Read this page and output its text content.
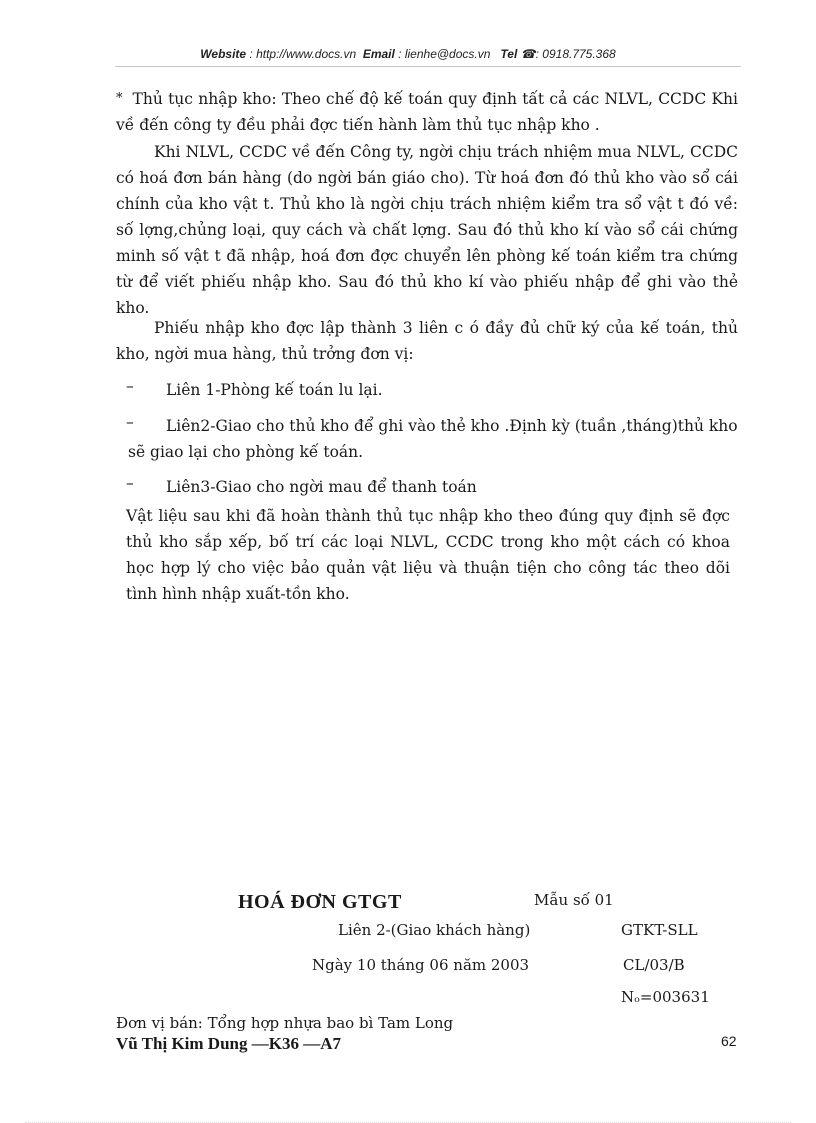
Website : http://www.docs.vn Email : lienhe@docs.vn Tel ☎: 0918.775.368

* Thủ tục nhập kho: Theo chế độ kế toán quy định tất cả các NLVL, CCDC Khi về đến công ty đều phải đợc tiến hành làm thủ tục nhập kho .

Khi NLVL, CCDC về đến Công ty, ngời chịu trách nhiệm mua NLVL, CCDC có hoá đơn bán hàng (do ngời bán giáo cho). Từ hoá đơn đó thủ kho vào sổ cái chính của kho vật t. Thủ kho là ngời chịu trách nhiệm kiểm tra sổ vật t đó về: số lợng,chủng loại, quy cách và chất lợng. Sau đó thủ kho kí vào sổ cái chứng minh số vật t đã nhập, hoá đơn đợc chuyển lên phòng kế toán kiểm tra chứng từ để viết phiếu nhập kho. Sau đó thủ kho kí vào phiếu nhập để ghi vào thẻ kho.

Phiếu nhập kho đợc lập thành 3 liên c ó đầy đủ chữ ký của kế toán, thủ kho, ngời mua hàng, thủ trởng đơn vị:

–	Liên 1-Phòng kế toán lu lại.
–	Liên2-Giao cho thủ kho để ghi vào thẻ kho .Định kỳ (tuần ,tháng)thủ kho
sẽ giao lại cho phòng kế toán.
–	Liên3-Giao cho ngời mau để thanh toán

Vật liệu sau khi đã hoàn thành thủ tục nhập kho theo đúng quy định sẽ đợc thủ kho sắp xếp, bố trí các loại NLVL, CCDC trong kho một cách có khoa học hợp lý cho việc bảo quản vật liệu và thuận tiện cho công tác theo dõi tình hình nhập xuất-tồn kho.

HOÁ ĐƠN GTGT	Mẫu số 01
Liên 2-(Giao khách hàng)	GTKT-SLL
Ngày 10 tháng 06 năm 2003	CL/03/B
Nₒ=003631
Đơn vị bán: Tổng hợp nhựa bao bì Tam Long
Vũ Thị Kim Dung —K36 —A7	62
